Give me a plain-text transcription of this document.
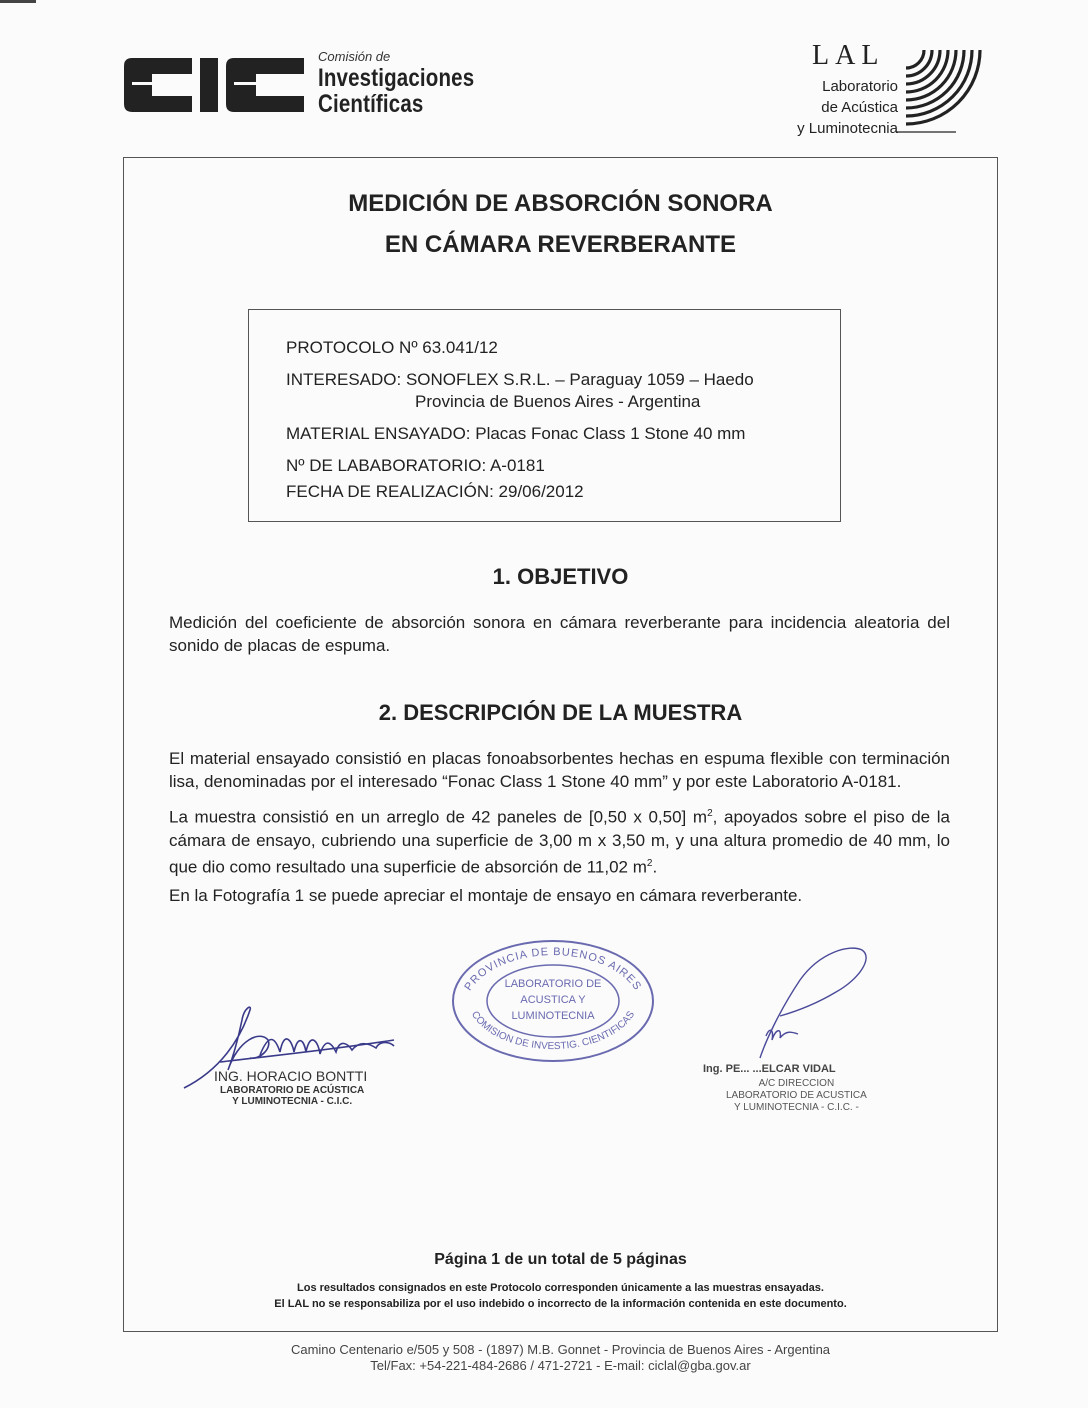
Comisión de
Investigaciones
Científicas
LAL
Laboratorio
de Acústica
y Luminotecnia
MEDICIÓN DE ABSORCIÓN SONORA
EN CÁMARA REVERBERANTE
PROTOCOLO Nº 63.041/12
INTERESADO: SONOFLEX S.R.L. – Paraguay 1059 – Haedo
Provincia de Buenos Aires - Argentina
MATERIAL ENSAYADO: Placas Fonac Class 1 Stone 40 mm
Nº DE LABABORATORIO: A-0181
FECHA DE REALIZACIÓN: 29/06/2012
1. OBJETIVO
Medición del coeficiente de absorción sonora en cámara reverberante para incidencia aleatoria del sonido de placas de espuma.
2. DESCRIPCIÓN DE LA MUESTRA
El material ensayado consistió en placas fonoabsorbentes hechas en espuma flexible con terminación lisa, denominadas por el interesado “Fonac Class 1 Stone 40 mm” y por este Laboratorio A-0181.
La muestra consistió en un arreglo de 42 paneles de [0,50 x 0,50] $m^2$, apoyados sobre el piso de la cámara de ensayo, cubriendo una superficie de 3,00 m x 3,50 m, y una altura promedio de 40 mm, lo que dio como resultado una superficie de absorción de 11,02 $m^2$.
En la Fotografía 1 se puede apreciar el montaje de ensayo en cámara reverberante.
ING. HORACIO BONTTI
LABORATORIO DE ACÚSTICA
Y LUMINOTECNIA - C.I.C.
PROVINCIA DE BUENOS AIRES
COMISION DE INVESTIG. CIENTIFICAS
LABORATORIO DE
ACUSTICA Y
LUMINOTECNIA
Ing. PE... ...ELCAR VIDAL
A/C DIRECCION
LABORATORIO DE ACUSTICA
Y LUMINOTECNIA - C.I.C. -
Página 1 de un total de 5 páginas
Los resultados consignados en este Protocolo corresponden únicamente a las muestras ensayadas.
El LAL no se responsabiliza por el uso indebido o incorrecto de la información contenida en este documento.
Camino Centenario e/505 y 508 - (1897) M.B. Gonnet - Provincia de Buenos Aires - Argentina
Tel/Fax: +54-221-484-2686 / 471-2721 - E-mail: ciclal@gba.gov.ar
